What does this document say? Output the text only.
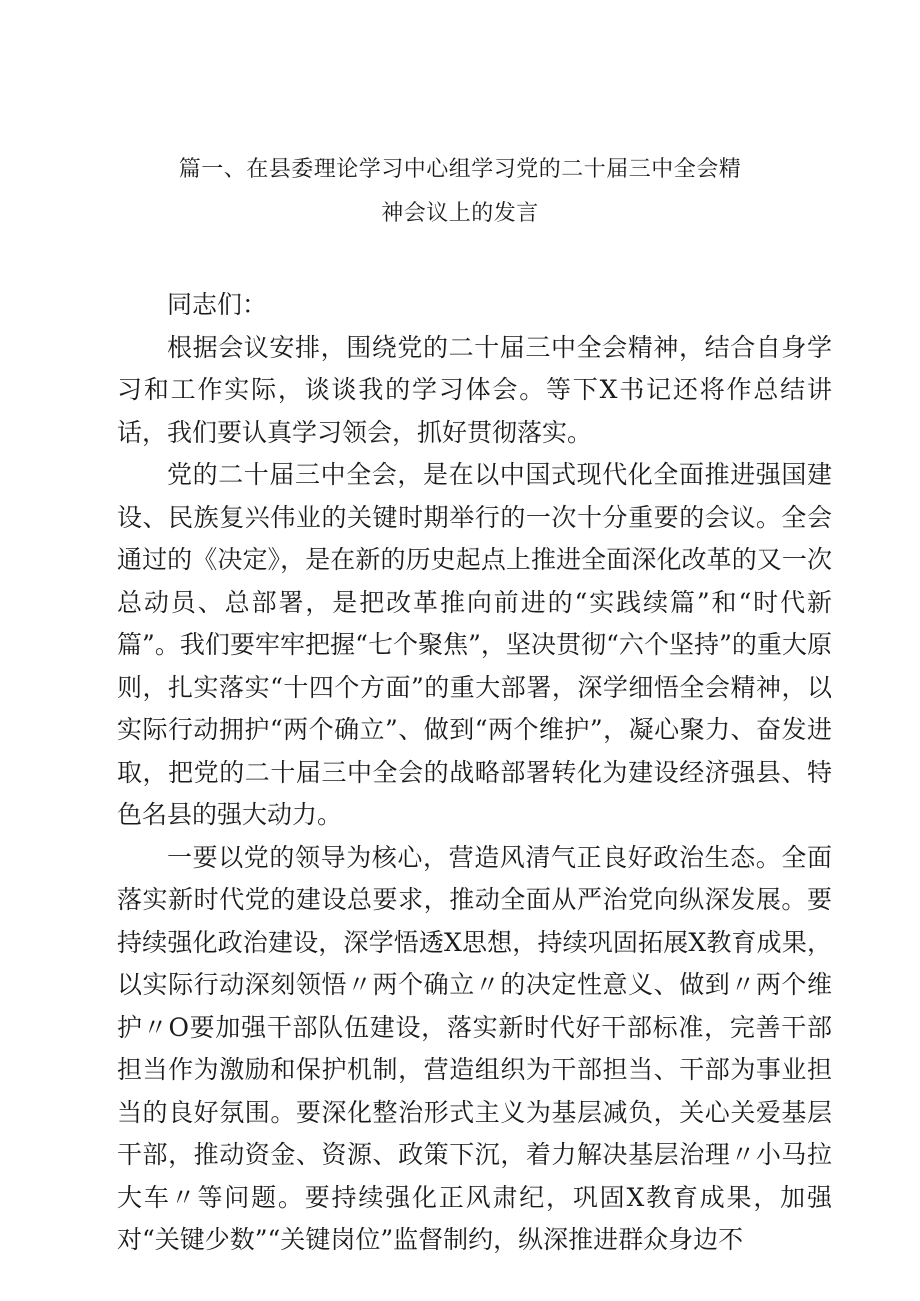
篇一、在县委理论学习中心组学习党的二十届三中全会精
神会议上的发言

同志们：

根据会议安排，围绕党的二十届三中全会精神，结合自身学习和工作实际，谈谈我的学习体会。等下X书记还将作总结讲话，我们要认真学习领会，抓好贯彻落实。

党的二十届三中全会，是在以中国式现代化全面推进强国建设、民族复兴伟业的关键时期举行的一次十分重要的会议。全会通过的《决定》，是在新的历史起点上推进全面深化改革的又一次总动员、总部署，是把改革推向前进的“实践续篇”和“时代新篇”。我们要牢牢把握“七个聚焦”，坚决贯彻“六个坚持”的重大原则，扎实落实“十四个方面”的重大部署，深学细悟全会精神，以实际行动拥护“两个确立”、做到“两个维护”，凝心聚力、奋发进取，把党的二十届三中全会的战略部署转化为建设经济强县、特色名县的强大动力。

一要以党的领导为核心，营造风清气正良好政治生态。全面落实新时代党的建设总要求，推动全面从严治党向纵深发展。要持续强化政治建设，深学悟透X思想，持续巩固拓展X教育成果，以实际行动深刻领悟〃两个确立〃的决定性意义、做到〃两个维护〃O要加强干部队伍建设，落实新时代好干部标准，完善干部担当作为激励和保护机制，营造组织为干部担当、干部为事业担当的良好氛围。要深化整治形式主义为基层减负，关心关爱基层干部，推动资金、资源、政策下沉，着力解决基层治理〃小马拉大车〃等问题。要持续强化正风肃纪，巩固X教育成果，加强对“关键少数”“关键岗位”监督制约，纵深推进群众身边不
